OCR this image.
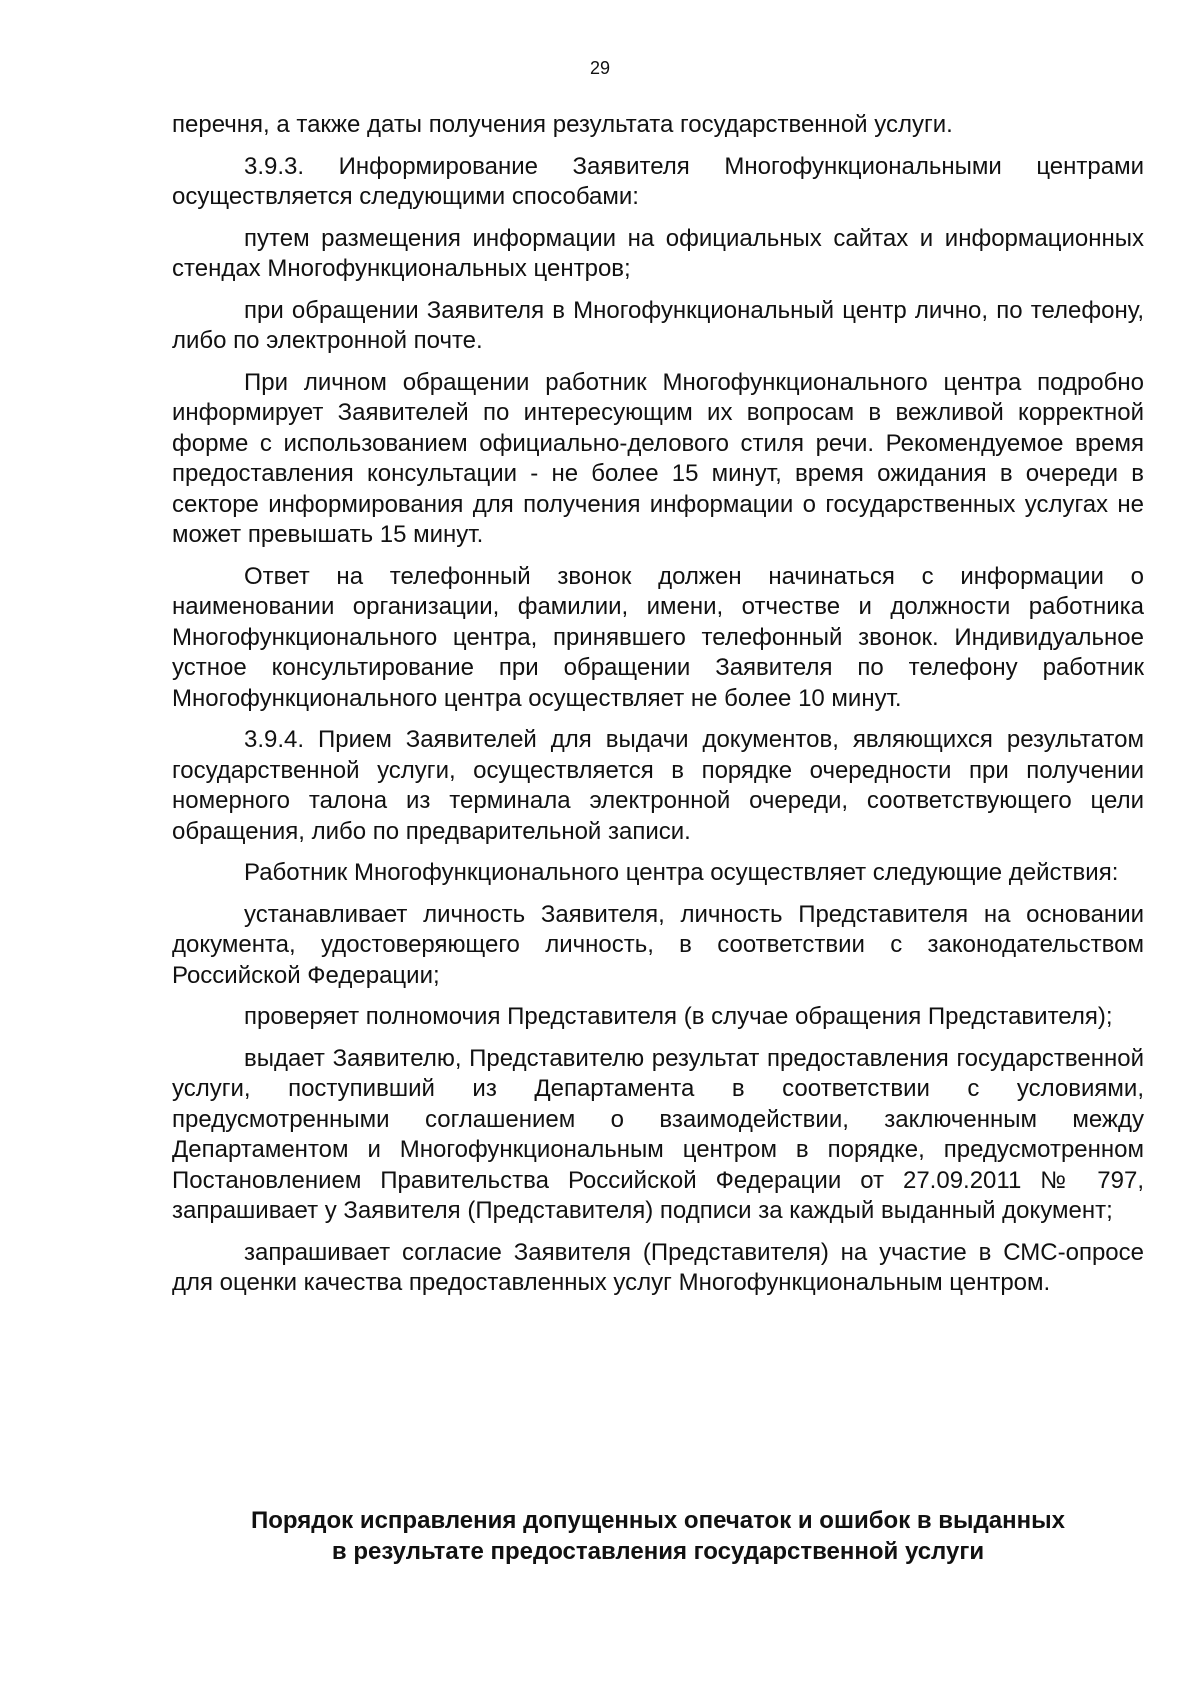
29

перечня, а также даты получения результата государственной услуги.

3.9.3. Информирование Заявителя Многофункциональными центрами осуществляется следующими способами:

путем размещения информации на официальных сайтах и информационных стендах Многофункциональных центров;

при обращении Заявителя в Многофункциональный центр лично, по телефону, либо по электронной почте.

При личном обращении работник Многофункционального центра подробно информирует Заявителей по интересующим их вопросам в вежливой корректной форме с использованием официально-делового стиля речи. Рекомендуемое время предоставления консультации - не более 15 минут, время ожидания в очереди в секторе информирования для получения информации о государственных услугах не может превышать 15 минут.

Ответ на телефонный звонок должен начинаться с информации о наименовании организации, фамилии, имени, отчестве и должности работника Многофункционального центра, принявшего телефонный звонок. Индивидуальное устное консультирование при обращении Заявителя по телефону работник Многофункционального центра осуществляет не более 10 минут.

3.9.4. Прием Заявителей для выдачи документов, являющихся результатом государственной услуги, осуществляется в порядке очередности при получении номерного талона из терминала электронной очереди, соответствующего цели обращения, либо по предварительной записи.

Работник Многофункционального центра осуществляет следующие действия:

устанавливает личность Заявителя, личность Представителя на основании документа, удостоверяющего личность, в соответствии с законодательством Российской Федерации;

проверяет полномочия Представителя (в случае обращения Представителя);

выдает Заявителю, Представителю результат предоставления государственной услуги, поступивший из Департамента в соответствии с условиями, предусмотренными соглашением о взаимодействии, заключенным между Департаментом и Многофункциональным центром в порядке, предусмотренном Постановлением Правительства Российской Федерации от 27.09.2011 № 797, запрашивает у Заявителя (Представителя) подписи за каждый выданный документ;

запрашивает согласие Заявителя (Представителя) на участие в СМС-опросе для оценки качества предоставленных услуг Многофункциональным центром.

Порядок исправления допущенных опечаток и ошибок в выданных
в результате предоставления государственной услуги
